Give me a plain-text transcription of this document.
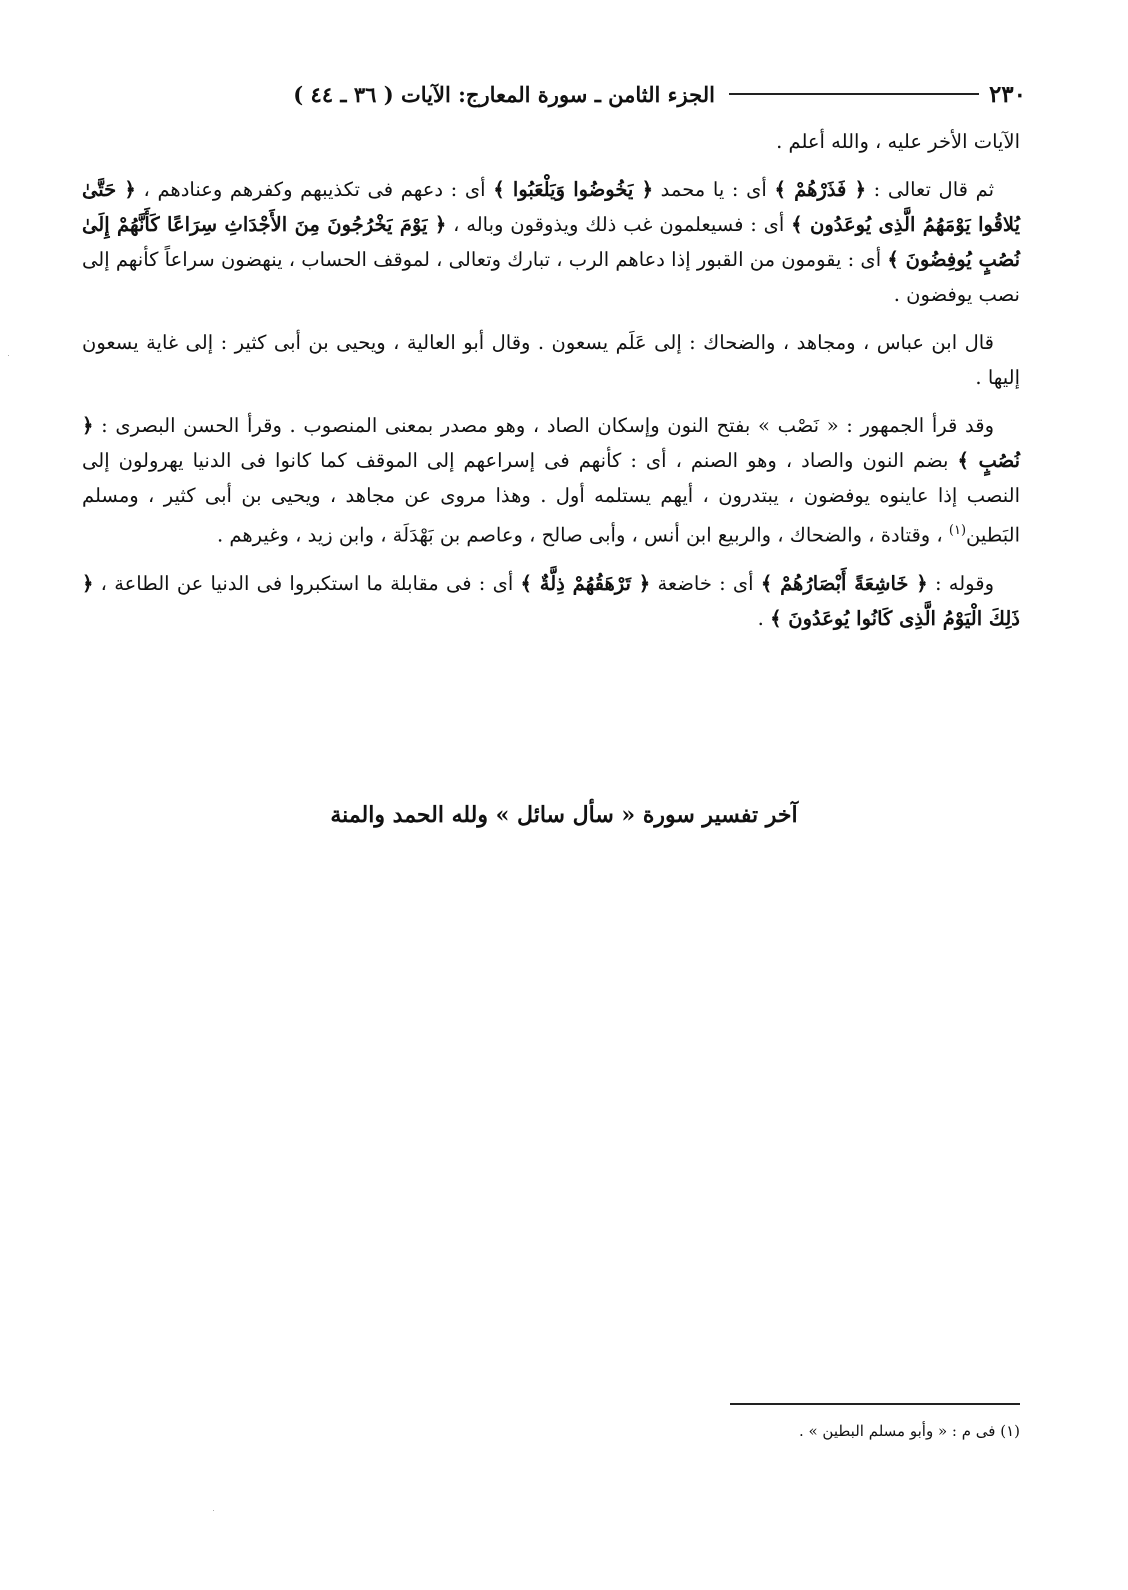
٢٣٠
الجزء الثامن ـ سورة المعارج: الآيات ( ٣٦ ـ ٤٤ )

الآيات الأخر عليه ، والله أعلم .

ثم قال تعالى : ﴿ فَذَرْهُمْ ﴾ أى : يا محمد ﴿ يَخُوضُوا وَيَلْعَبُوا ﴾ أى : دعهم فى تكذيبهم وكفرهم وعنادهم ، ﴿ حَتَّىٰ يُلاقُوا يَوْمَهُمُ الَّذِى يُوعَدُون ﴾ أى : فسيعلمون غب ذلك ويذوقون وباله ، ﴿ يَوْمَ يَخْرُجُونَ مِنَ الأَجْدَاثِ سِرَاعًا كَأَنَّهُمْ إِلَىٰ نُصُبٍ يُوفِضُونَ ﴾ أى : يقومون من القبور إذا دعاهم الرب ، تبارك وتعالى ، لموقف الحساب ، ينهضون سراعاً كأنهم إلى نصب يوفضون .

قال ابن عباس ، ومجاهد ، والضحاك : إلى عَلَم يسعون . وقال أبو العالية ، ويحيى بن أبى كثير : إلى غاية يسعون إليها .

وقد قرأ الجمهور : « نَصْب » بفتح النون وإسكان الصاد ، وهو مصدر بمعنى المنصوب . وقرأ الحسن البصرى : ﴿ نُصُبٍ ﴾ بضم النون والصاد ، وهو الصنم ، أى : كأنهم فى إسراعهم إلى الموقف كما كانوا فى الدنيا يهرولون إلى النصب إذا عاينوه يوفضون ، يبتدرون ، أيهم يستلمه أول . وهذا مروى عن مجاهد ، ويحيى بن أبى كثير ، ومسلم البَطين$^{(١)}$ ، وقتادة ، والضحاك ، والربيع ابن أنس ، وأبى صالح ، وعاصم بن بَهْدَلَة ، وابن زيد ، وغيرهم .

وقوله : ﴿ خَاشِعَةً أَبْصَارُهُمْ ﴾ أى : خاضعة ﴿ تَرْهَقُهُمْ ذِلَّةٌ ﴾ أى : فى مقابلة ما استكبروا فى الدنيا عن الطاعة ، ﴿ ذَلِكَ الْيَوْمُ الَّذِى كَانُوا يُوعَدُونَ ﴾ .

آخر تفسير سورة « سأل سائل » ولله الحمد والمنة
(١) فى م : « وأبو مسلم البطين » .
